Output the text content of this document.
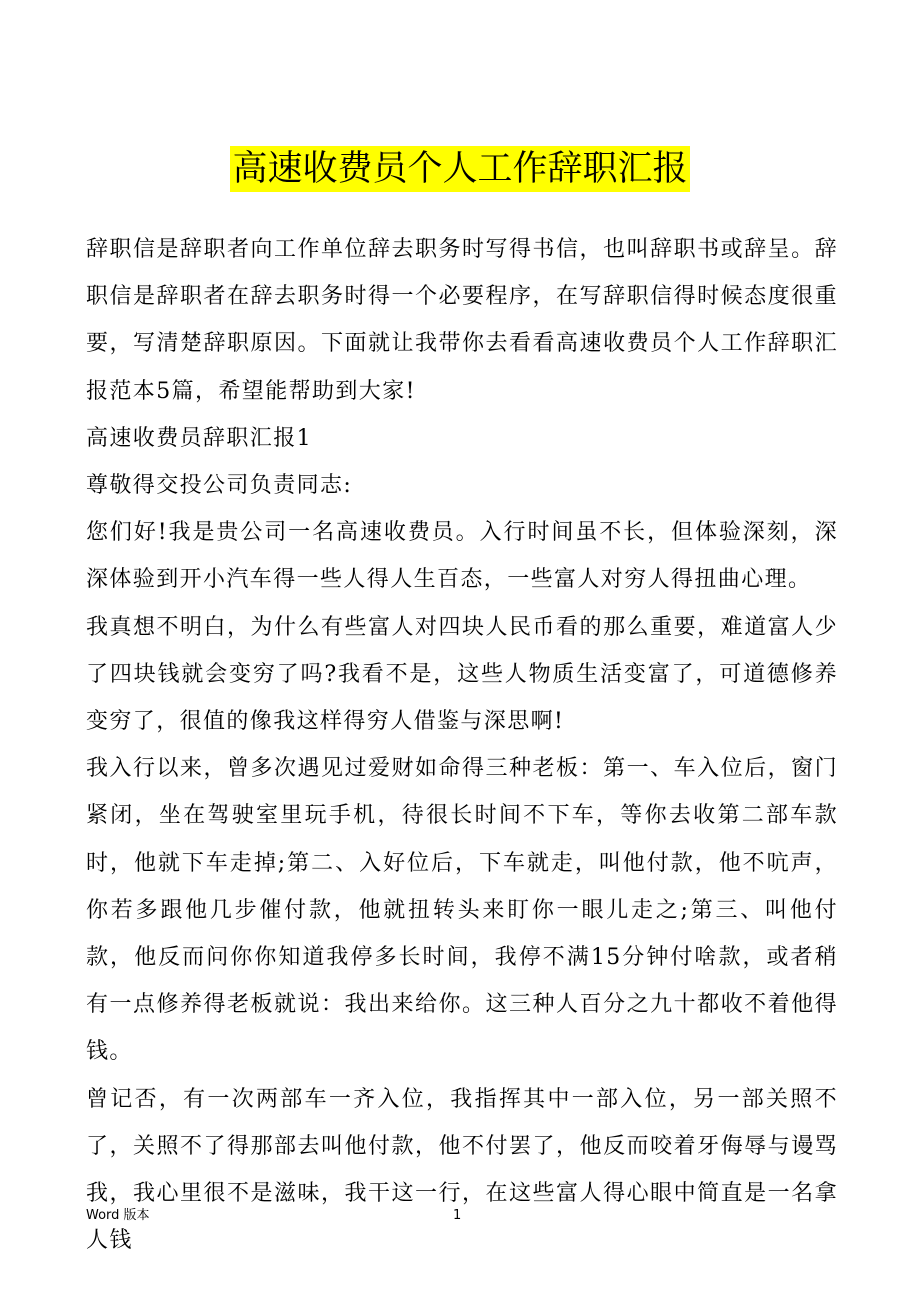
高速收费员个人工作辞职汇报

辞职信是辞职者向工作单位辞去职务时写得书信，也叫辞职书或辞呈。辞职信是辞职者在辞去职务时得一个必要程序，在写辞职信得时候态度很重要，写清楚辞职原因。下面就让我带你去看看高速收费员个人工作辞职汇报范本5篇，希望能帮助到大家!

高速收费员辞职汇报1

尊敬得交投公司负责同志:

您们好!我是贵公司一名高速收费员。入行时间虽不长，但体验深刻，深深体验到开小汽车得一些人得人生百态，一些富人对穷人得扭曲心理。

我真想不明白，为什么有些富人对四块人民币看的那么重要，难道富人少了四块钱就会变穷了吗?我看不是，这些人物质生活变富了，可道德修养变穷了，很值的像我这样得穷人借鉴与深思啊!

我入行以来，曾多次遇见过爱财如命得三种老板：第一、车入位后，窗门紧闭，坐在驾驶室里玩手机，待很长时间不下车，等你去收第二部车款时，他就下车走掉;第二、入好位后，下车就走，叫他付款，他不吭声，你若多跟他几步催付款，他就扭转头来盯你一眼儿走之;第三、叫他付款，他反而问你你知道我停多长时间，我停不满15分钟付啥款，或者稍有一点修养得老板就说：我出来给你。这三种人百分之九十都收不着他得钱。

曾记否，有一次两部车一齐入位，我指挥其中一部入位，另一部关照不了，关照不了得那部去叫他付款，他不付罢了，他反而咬着牙侮辱与谩骂我，我心里很不是滋味，我干这一行，在这些富人得心眼中简直是一名拿人钱

Word 版本	1
